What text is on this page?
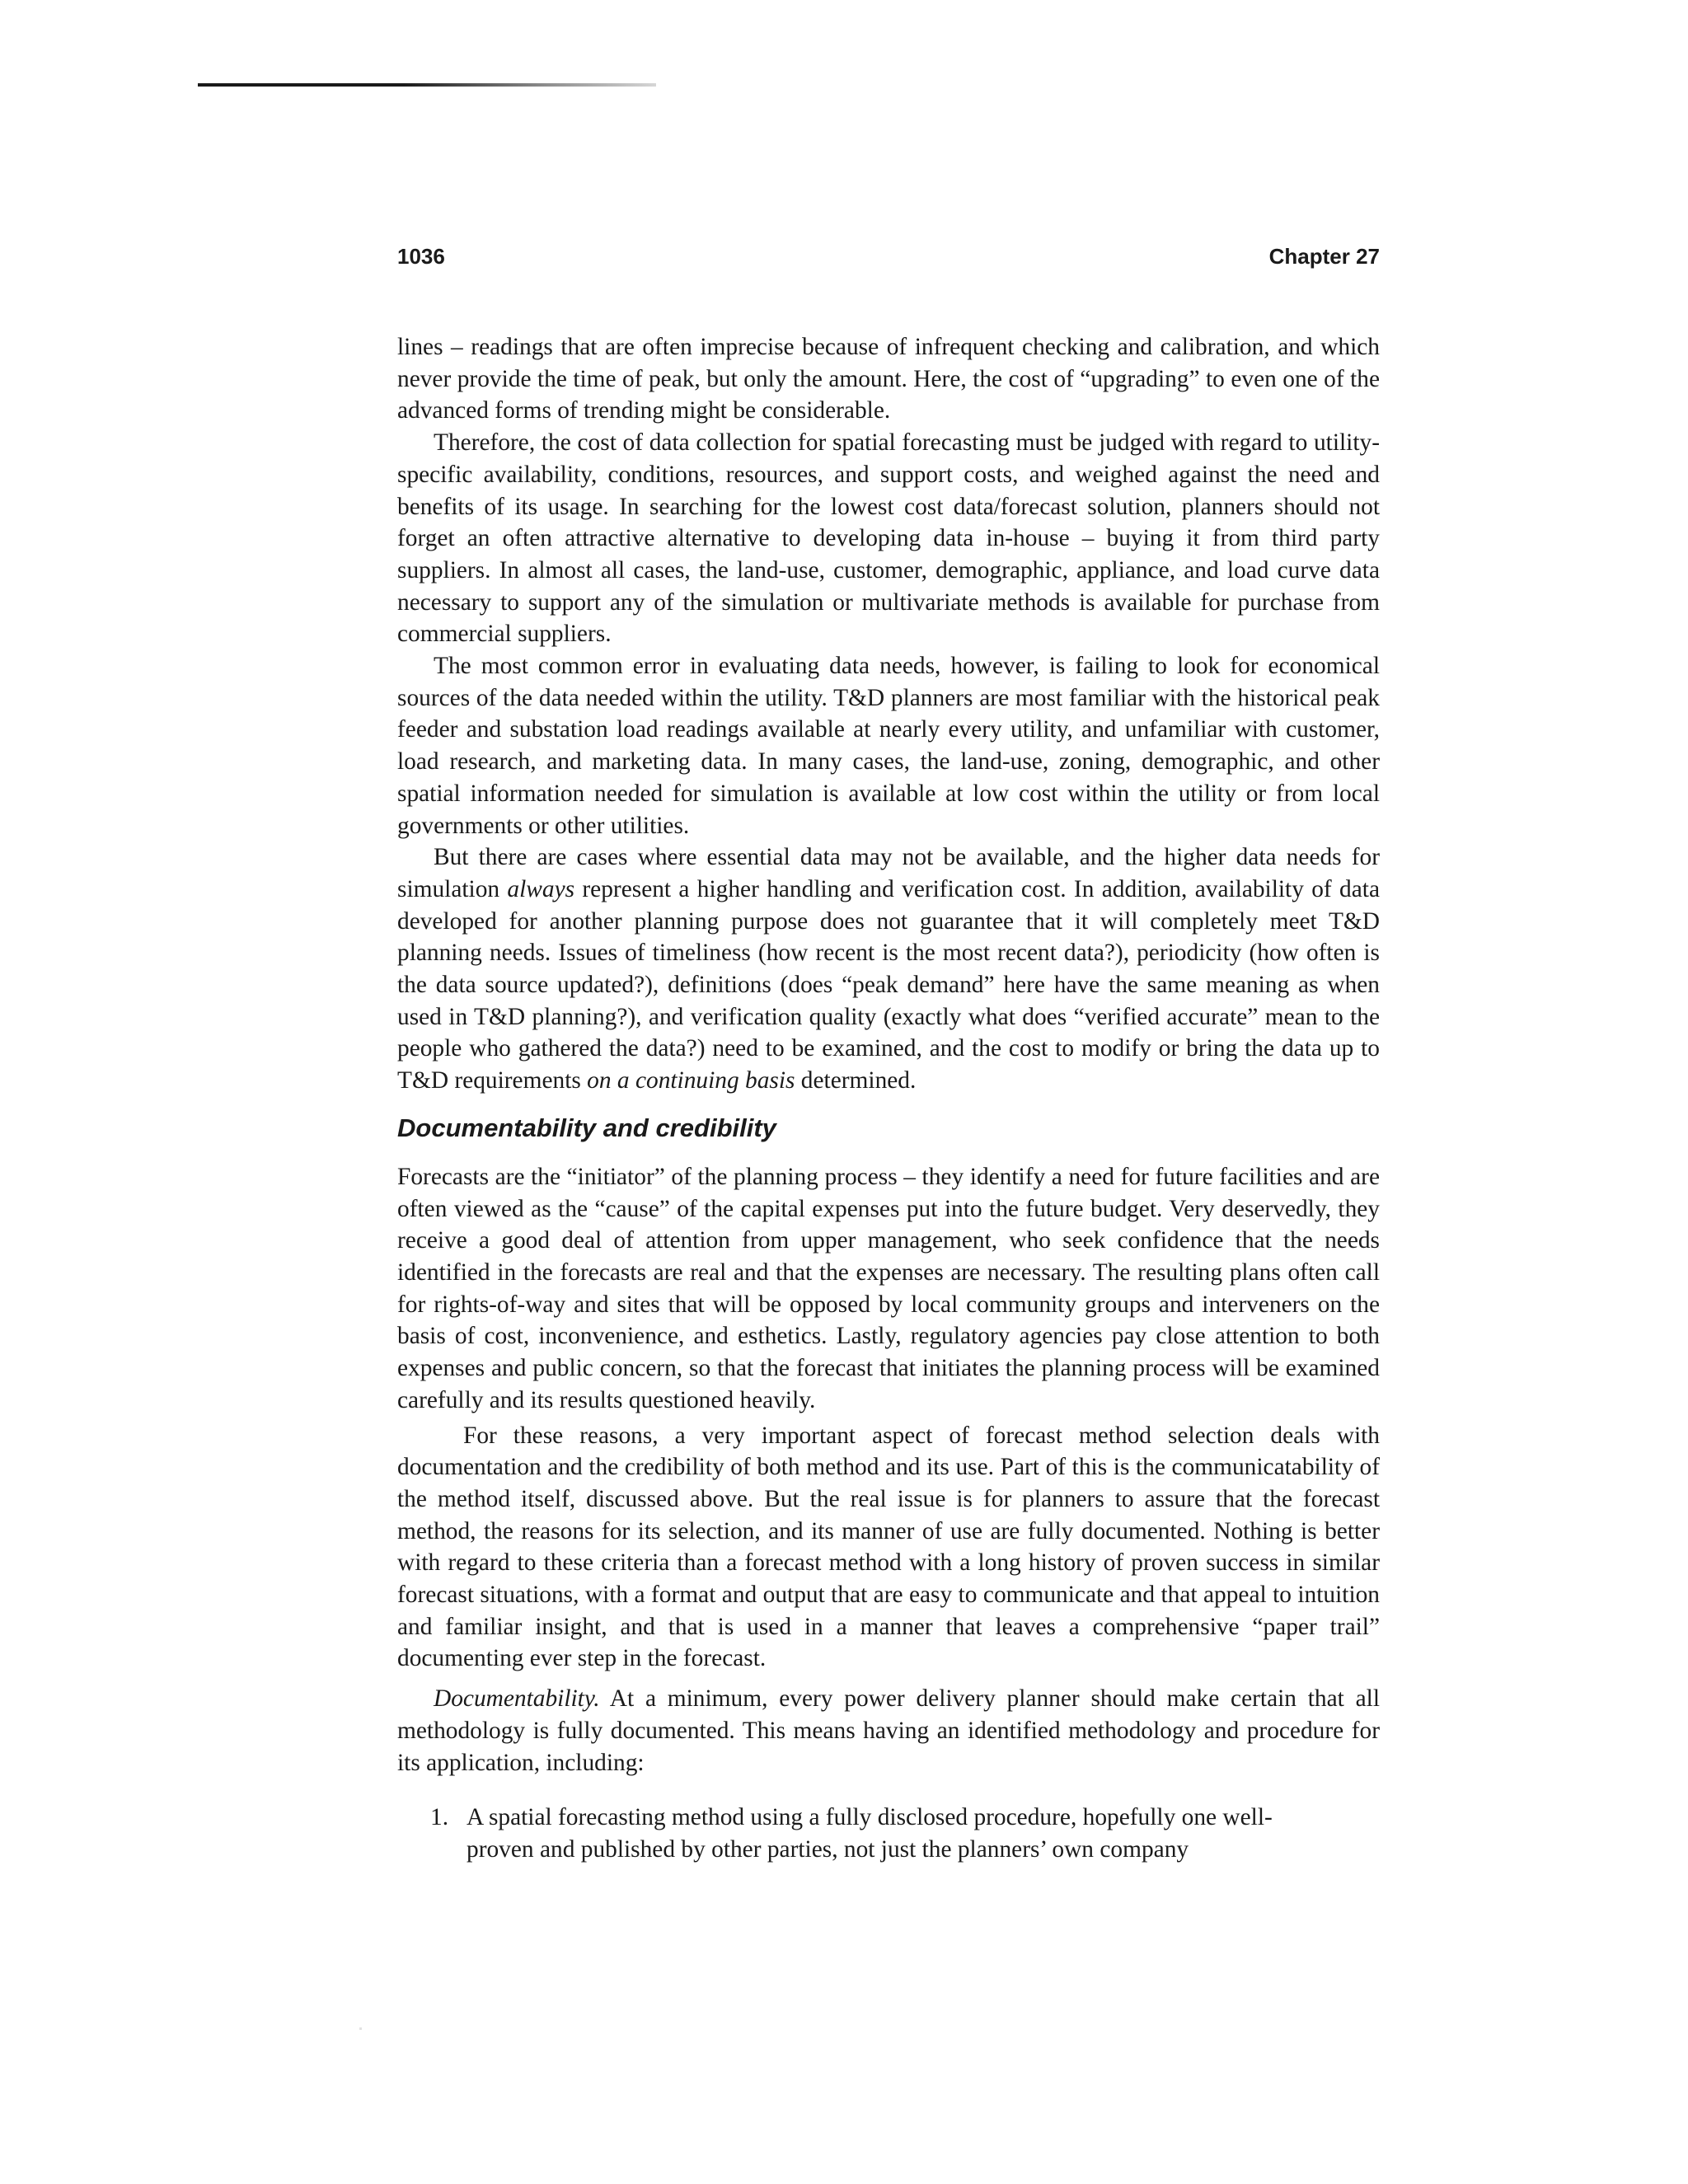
1036	Chapter 27

lines – readings that are often imprecise because of infrequent checking and calibration, and which never provide the time of peak, but only the amount. Here, the cost of “upgrading” to even one of the advanced forms of trending might be considerable.

Therefore, the cost of data collection for spatial forecasting must be judged with regard to utility-specific availability, conditions, resources, and support costs, and weighed against the need and benefits of its usage. In searching for the lowest cost data/forecast solution, planners should not forget an often attractive alternative to developing data in-house – buying it from third party suppliers. In almost all cases, the land-use, customer, demographic, appliance, and load curve data necessary to support any of the simulation or multivariate methods is available for purchase from commercial suppliers.

The most common error in evaluating data needs, however, is failing to look for economical sources of the data needed within the utility. T&D planners are most familiar with the historical peak feeder and substation load readings available at nearly every utility, and unfamiliar with customer, load research, and marketing data. In many cases, the land-use, zoning, demographic, and other spatial information needed for simulation is available at low cost within the utility or from local governments or other utilities.

But there are cases where essential data may not be available, and the higher data needs for simulation always represent a higher handling and verification cost. In addition, availability of data developed for another planning purpose does not guarantee that it will completely meet T&D planning needs. Issues of timeliness (how recent is the most recent data?), periodicity (how often is the data source updated?), definitions (does “peak demand” here have the same meaning as when used in T&D planning?), and verification quality (exactly what does “verified accurate” mean to the people who gathered the data?) need to be examined, and the cost to modify or bring the data up to T&D requirements on a continuing basis determined.

Documentability and credibility

Forecasts are the “initiator” of the planning process – they identify a need for future facilities and are often viewed as the “cause” of the capital expenses put into the future budget. Very deservedly, they receive a good deal of attention from upper management, who seek confidence that the needs identified in the forecasts are real and that the expenses are necessary. The resulting plans often call for rights-of-way and sites that will be opposed by local community groups and interveners on the basis of cost, inconvenience, and esthetics. Lastly, regulatory agencies pay close attention to both expenses and public concern, so that the forecast that initiates the planning process will be examined carefully and its results questioned heavily.

For these reasons, a very important aspect of forecast method selection deals with documentation and the credibility of both method and its use. Part of this is the communicatability of the method itself, discussed above. But the real issue is for planners to assure that the forecast method, the reasons for its selection, and its manner of use are fully documented. Nothing is better with regard to these criteria than a forecast method with a long history of proven success in similar forecast situations, with a format and output that are easy to communicate and that appeal to intuition and familiar insight, and that is used in a manner that leaves a comprehensive “paper trail” documenting ever step in the forecast.

Documentability. At a minimum, every power delivery planner should make certain that all methodology is fully documented. This means having an identified methodology and procedure for its application, including:

1. A spatial forecasting method using a fully disclosed procedure, hopefully one well-proven and published by other parties, not just the planners’ own company
